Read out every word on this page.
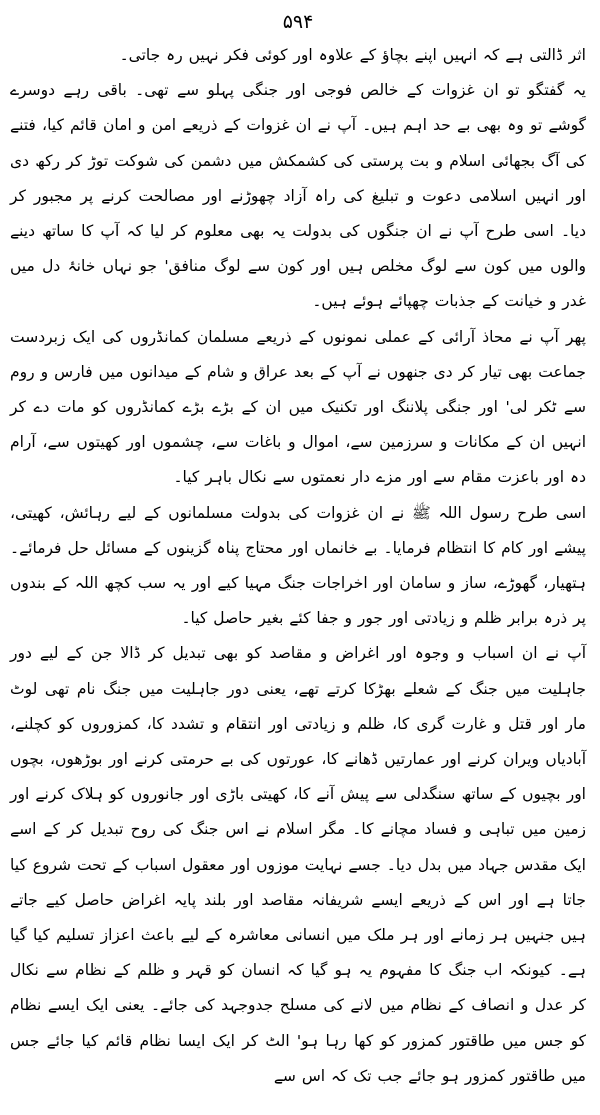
۵۹۴

اثر ڈالتی ہے کہ انہیں اپنے بچاؤ کے علاوہ اور کوئی فکر نہیں رہ جاتی۔

یہ گفتگو تو ان غزوات کے خالص فوجی اور جنگی پہلو سے تھی۔ باقی رہے دوسرے گوشے تو وہ بھی بے حد اہم ہیں۔ آپ نے ان غزوات کے ذریعے امن و امان قائم کیا، فتنے کی آگ بجھائی اسلام و بت پرستی کی کشمکش میں دشمن کی شوکت توڑ کر رکھ دی اور انہیں اسلامی دعوت و تبلیغ کی راہ آزاد چھوڑنے اور مصالحت کرنے پر مجبور کر دیا۔ اسی طرح آپ نے ان جنگوں کی بدولت یہ بھی معلوم کر لیا کہ آپ کا ساتھ دینے والوں میں کون سے لوگ مخلص ہیں اور کون سے لوگ منافق' جو نہاں خانۂ دل میں غدر و خیانت کے جذبات چھپائے ہوئے ہیں۔

پھر آپ نے محاذ آرائی کے عملی نمونوں کے ذریعے مسلمان کمانڈروں کی ایک زبردست جماعت بھی تیار کر دی جنھوں نے آپ کے بعد عراق و شام کے میدانوں میں فارس و روم سے ٹکر لی' اور جنگی پلاننگ اور تکنیک میں ان کے بڑے بڑے کمانڈروں کو مات دے کر انہیں ان کے مکانات و سرزمین سے، اموال و باغات سے، چشموں اور کھیتوں سے، آرام دہ اور باعزت مقام سے اور مزے دار نعمتوں سے نکال باہر کیا۔

اسی طرح رسول اللہ ﷺ نے ان غزوات کی بدولت مسلمانوں کے لیے رہائش، کھیتی، پیشے اور کام کا انتظام فرمایا۔ بے خانماں اور محتاج پناہ گزینوں کے مسائل حل فرمائے۔ ہتھیار، گھوڑے، ساز و سامان اور اخراجات جنگ مہیا کیے اور یہ سب کچھ اللہ کے بندوں پر ذرہ برابر ظلم و زیادتی اور جور و جفا کئے بغیر حاصل کیا۔

آپ نے ان اسباب و وجوہ اور اغراض و مقاصد کو بھی تبدیل کر ڈالا جن کے لیے دور جاہلیت میں جنگ کے شعلے بھڑکا کرتے تھے، یعنی دور جاہلیت میں جنگ نام تھی لوٹ مار اور قتل و غارت گری کا، ظلم و زیادتی اور انتقام و تشدد کا، کمزوروں کو کچلنے، آبادیاں ویران کرنے اور عمارتیں ڈھانے کا، عورتوں کی بے حرمتی کرنے اور بوڑھوں، بچوں اور بچیوں کے ساتھ سنگدلی سے پیش آنے کا، کھیتی باڑی اور جانوروں کو ہلاک کرنے اور زمین میں تباہی و فساد مچانے کا۔ مگر اسلام نے اس جنگ کی روح تبدیل کر کے اسے ایک مقدس جہاد میں بدل دیا۔ جسے نہایت موزوں اور معقول اسباب کے تحت شروع کیا جاتا ہے اور اس کے ذریعے ایسے شریفانہ مقاصد اور بلند پایہ اغراض حاصل کیے جاتے ہیں جنہیں ہر زمانے اور ہر ملک میں انسانی معاشرہ کے لیے باعث اعزاز تسلیم کیا گیا ہے۔ کیونکہ اب جنگ کا مفہوم یہ ہو گیا کہ انسان کو قہر و ظلم کے نظام سے نکال کر عدل و انصاف کے نظام میں لانے کی مسلح جدوجہد کی جائے۔ یعنی ایک ایسے نظام کو جس میں طاقتور کمزور کو کھا رہا ہو' الٹ کر ایک ایسا نظام قائم کیا جائے جس میں طاقتور کمزور ہو جائے جب تک کہ اس سے
